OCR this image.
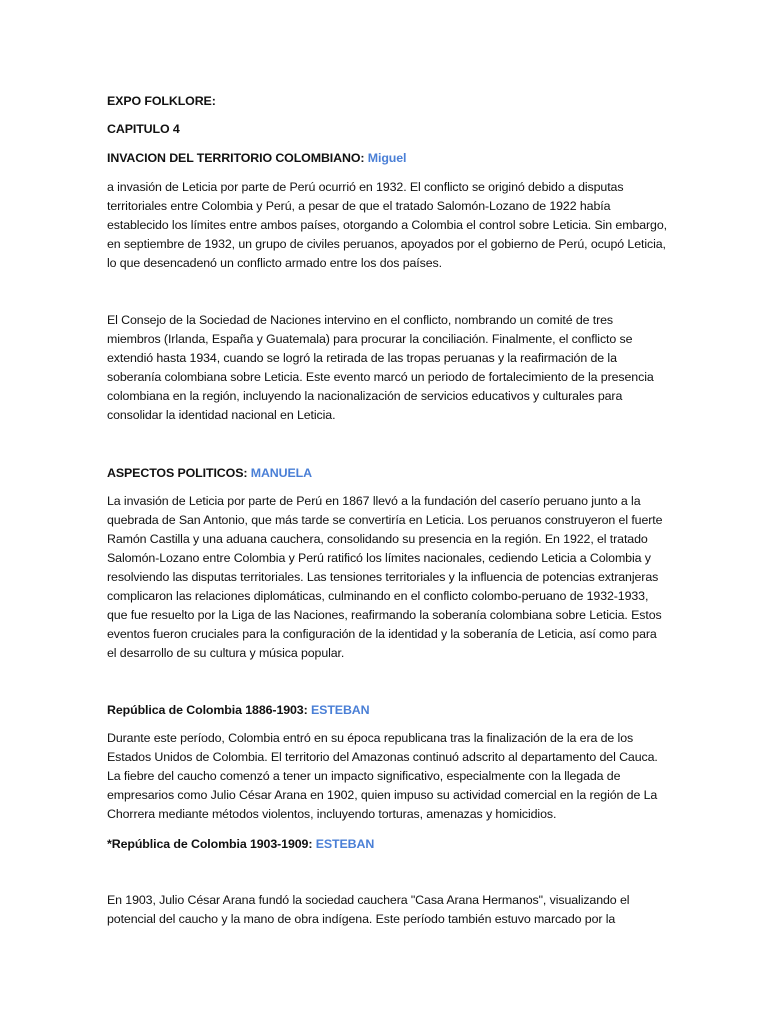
EXPO FOLKLORE:
CAPITULO 4
INVACION DEL TERRITORIO COLOMBIANO: Miguel
a invasión de Leticia por parte de Perú ocurrió en 1932. El conflicto se originó debido a disputas territoriales entre Colombia y Perú, a pesar de que el tratado Salomón-Lozano de 1922 había establecido los límites entre ambos países, otorgando a Colombia el control sobre Leticia. Sin embargo, en septiembre de 1932, un grupo de civiles peruanos, apoyados por el gobierno de Perú, ocupó Leticia, lo que desencadenó un conflicto armado entre los dos países.
El Consejo de la Sociedad de Naciones intervino en el conflicto, nombrando un comité de tres miembros (Irlanda, España y Guatemala) para procurar la conciliación. Finalmente, el conflicto se extendió hasta 1934, cuando se logró la retirada de las tropas peruanas y la reafirmación de la soberanía colombiana sobre Leticia. Este evento marcó un periodo de fortalecimiento de la presencia colombiana en la región, incluyendo la nacionalización de servicios educativos y culturales para consolidar la identidad nacional en Leticia.
ASPECTOS POLITICOS: MANUELA
La invasión de Leticia por parte de Perú en 1867 llevó a la fundación del caserío peruano junto a la quebrada de San Antonio, que más tarde se convertiría en Leticia. Los peruanos construyeron el fuerte Ramón Castilla y una aduana cauchera, consolidando su presencia en la región. En 1922, el tratado Salomón-Lozano entre Colombia y Perú ratificó los límites nacionales, cediendo Leticia a Colombia y resolviendo las disputas territoriales. Las tensiones territoriales y la influencia de potencias extranjeras complicaron las relaciones diplomáticas, culminando en el conflicto colombo-peruano de 1932-1933, que fue resuelto por la Liga de las Naciones, reafirmando la soberanía colombiana sobre Leticia. Estos eventos fueron cruciales para la configuración de la identidad y la soberanía de Leticia, así como para el desarrollo de su cultura y música popular.
República de Colombia 1886-1903: ESTEBAN
Durante este período, Colombia entró en su época republicana tras la finalización de la era de los Estados Unidos de Colombia. El territorio del Amazonas continuó adscrito al departamento del Cauca. La fiebre del caucho comenzó a tener un impacto significativo, especialmente con la llegada de empresarios como Julio César Arana en 1902, quien impuso su actividad comercial en la región de La Chorrera mediante métodos violentos, incluyendo torturas, amenazas y homicidios.
*República de Colombia 1903-1909: ESTEBAN
En 1903, Julio César Arana fundó la sociedad cauchera "Casa Arana Hermanos", visualizando el potencial del caucho y la mano de obra indígena. Este período también estuvo marcado por la
